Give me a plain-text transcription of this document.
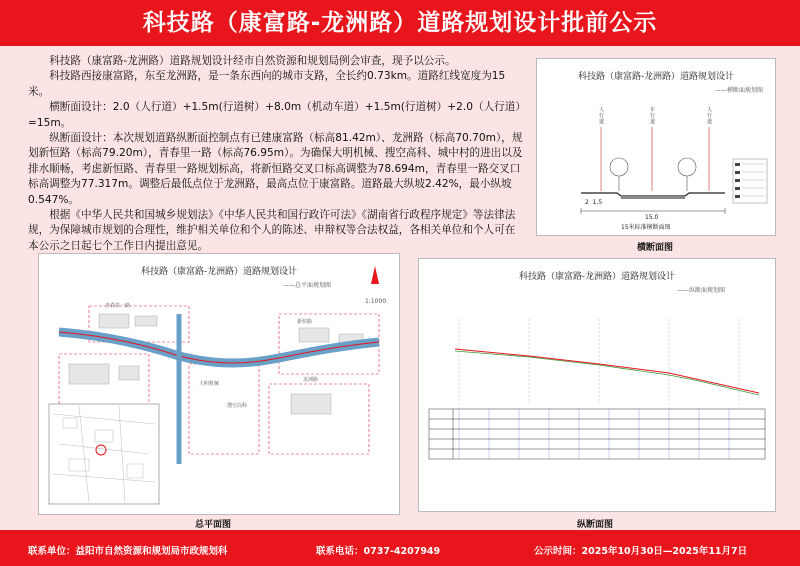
科技路（康富路-龙洲路）道路规划设计批前公示

科技路（康富路-龙洲路）道路规划设计经市自然资源和规划局例会审查，现予以公示。

科技路西接康富路，东至龙洲路，是一条东西向的城市支路，全长约0.73km。道路红线宽度为15米。

横断面设计：2.0（人行道）+1.5m(行道树）+8.0m（机动车道）+1.5m(行道树）+2.0（人行道）=15m。

纵断面设计：本次规划道路纵断面控制点有已建康富路（标高81.42m）、龙洲路（标高70.70m），规划新恒路（标高79.20m），青春里一路（标高76.95m）。为确保大明机械、搜空高科、城中村的进出以及排水顺畅，考虑新恒路、青春里一路规划标高，将新恒路交叉口标高调整为78.694m，青春里一路交叉口标高调整为77.317m。调整后最低点位于龙洲路，最高点位于康富路。道路最大纵坡2.42%，最小纵坡0.547%。

根据《中华人民共和国城乡规划法》《中华人民共和国行政许可法》《湖南省行政程序规定》等法律法规，为保障城市规划的合理性，维护相关单位和个人的陈述、申辩权等合法权益，各相关单位和个人可在本公示之日起七个工作日内提出意见。

科技路（康富路-龙洲路）道路规划设计
——横断面规划图
人
行
道
车
行
道
人
行
道
2 1.5
15.0
15米标准横断面图
横断面图
科技路（康富路-龙洲路）道路规划设计
——总平面规划图
1:1000
青春里一路
大明机械
新恒路
搜空高科
龙洲路
总平面图
科技路（康富路-龙洲路）道路规划设计
——纵断面规划图
纵断面图
联系单位：益阳市自然资源和规划局市政规划科	联系电话：0737-4207949	公示时间：2025年10月30日—2025年11月7日
